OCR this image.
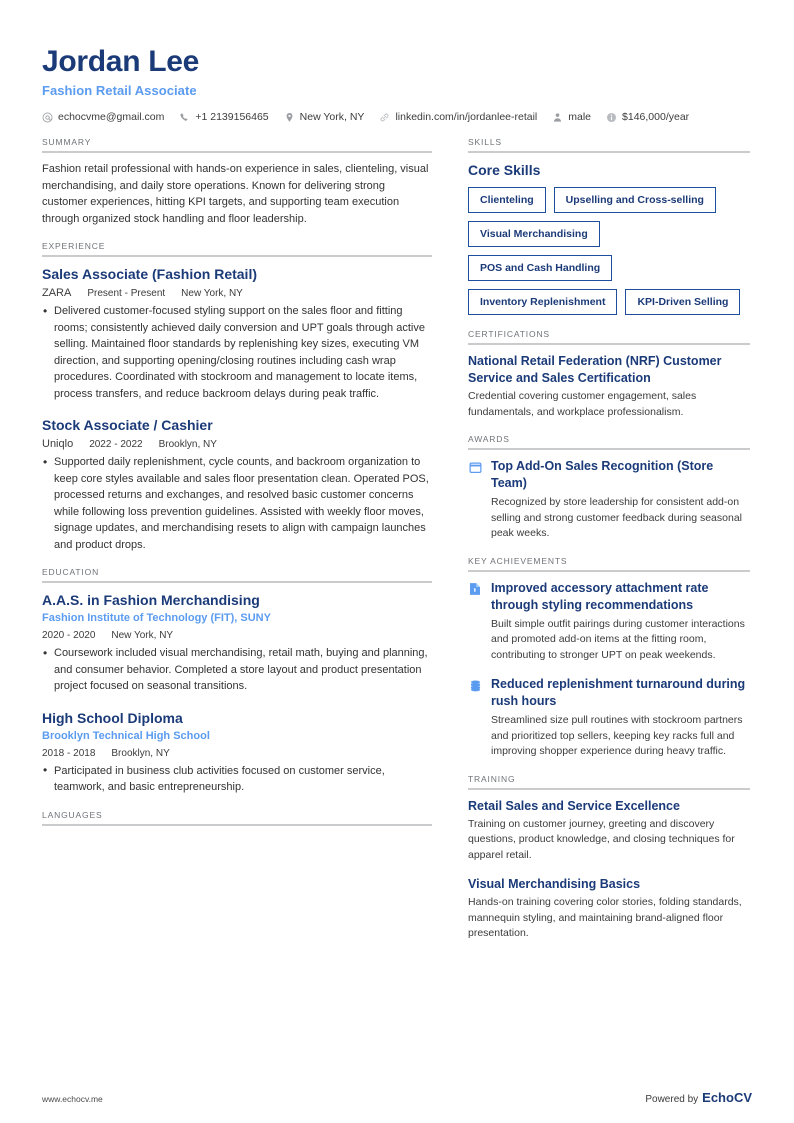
Jordan Lee
Fashion Retail Associate
echocvme@gmail.com	+1 2139156465	New York, NY	linkedin.com/in/jordanlee-retail	male	$146,000/year
SUMMARY
Fashion retail professional with hands-on experience in sales, clienteling, visual merchandising, and daily store operations. Known for delivering strong customer experiences, hitting KPI targets, and supporting team execution through organized stock handling and floor leadership.
EXPERIENCE
Sales Associate (Fashion Retail)
ZARA Present - Present New York, NY
• Delivered customer-focused styling support on the sales floor and fitting rooms; consistently achieved daily conversion and UPT goals through active selling. Maintained floor standards by replenishing key sizes, executing VM direction, and supporting opening/closing routines including cash wrap procedures. Coordinated with stockroom and management to locate items, process transfers, and reduce backroom delays during peak traffic.
Stock Associate / Cashier
Uniqlo 2022 - 2022 Brooklyn, NY
• Supported daily replenishment, cycle counts, and backroom organization to keep core styles available and sales floor presentation clean. Operated POS, processed returns and exchanges, and resolved basic customer concerns while following loss prevention guidelines. Assisted with weekly floor moves, signage updates, and merchandising resets to align with campaign launches and product drops.
EDUCATION
A.A.S. in Fashion Merchandising
Fashion Institute of Technology (FIT), SUNY
2020 - 2020 New York, NY
• Coursework included visual merchandising, retail math, buying and planning, and consumer behavior. Completed a store layout and product presentation project focused on seasonal transitions.
High School Diploma
Brooklyn Technical High School
2018 - 2018 Brooklyn, NY
• Participated in business club activities focused on customer service, teamwork, and basic entrepreneurship.
LANGUAGES
SKILLS
Core Skills
Clienteling	Upselling and Cross-selling
Visual Merchandising
POS and Cash Handling
Inventory Replenishment	KPI-Driven Selling
CERTIFICATIONS
National Retail Federation (NRF) Customer Service and Sales Certification
Credential covering customer engagement, sales fundamentals, and workplace professionalism.
AWARDS
Top Add-On Sales Recognition (Store Team)
Recognized by store leadership for consistent add-on selling and strong customer feedback during seasonal peak weeks.
KEY ACHIEVEMENTS
Improved accessory attachment rate through styling recommendations
Built simple outfit pairings during customer interactions and promoted add-on items at the fitting room, contributing to stronger UPT on peak weekends.
Reduced replenishment turnaround during rush hours
Streamlined size pull routines with stockroom partners and prioritized top sellers, keeping key racks full and improving shopper experience during heavy traffic.
TRAINING
Retail Sales and Service Excellence
Training on customer journey, greeting and discovery questions, product knowledge, and closing techniques for apparel retail.
Visual Merchandising Basics
Hands-on training covering color stories, folding standards, mannequin styling, and maintaining brand-aligned floor presentation.
www.echocv.me	Powered by EchoCV
